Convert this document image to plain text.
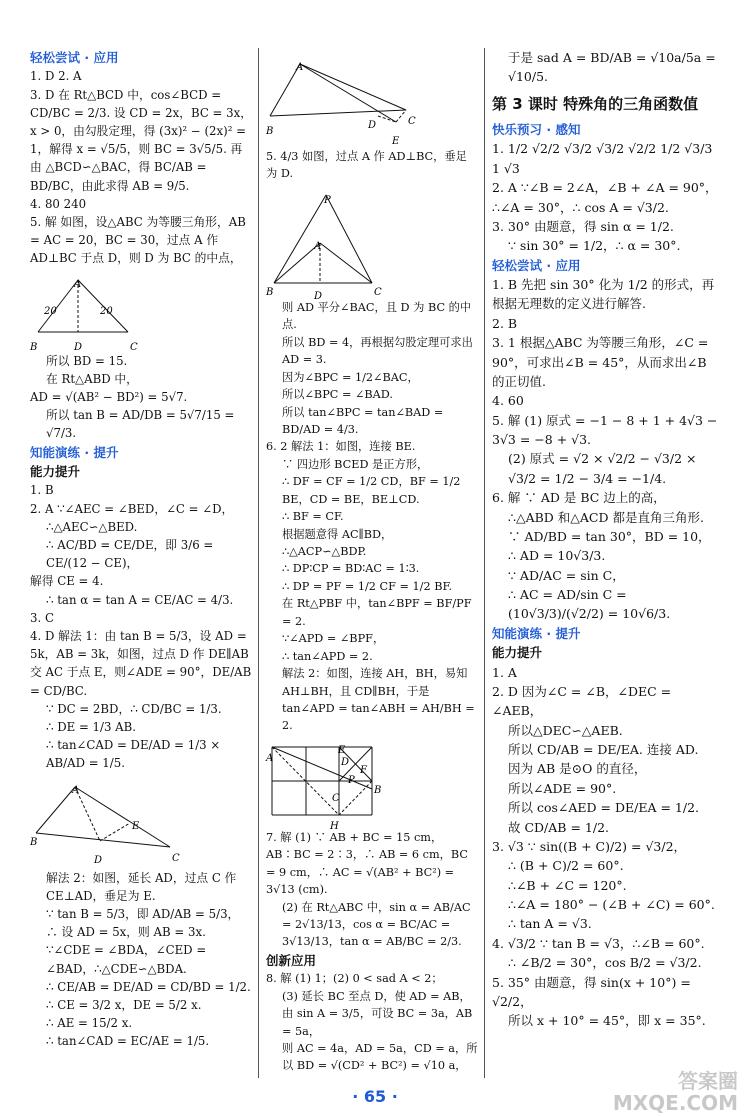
轻松尝试 · 应用

1. D 2. A

3. D 在 Rt△BCD 中，cos∠BCD = CD/BC = 2/3. 设 CD = 2x，BC = 3x，x > 0，由勾股定理，得 (3x)² − (2x)² = 1，解得 x = √5/5，则 BC = 3√5/5. 再由 △BCD∽△BAC，得 BC/AB = BD/BC，由此求得 AB = 9/5.

4. 80 240

5. 解 如图，设△ABC 为等腰三角形，AB = AC = 20，BC = 30，过点 A 作 AD⊥BC 于点 D，则 D 为 BC 的中点，

A
B	C
D
20	20

所以 BD = 15.

在 Rt△ABD 中，

AD = √(AB² − BD²) = 5√7.

所以 tan B = AD/DB = 5√7/15 = √7/3.

知能演练 · 提升

能力提升

1. B

2. A ∵∠AEC = ∠BED，∠C = ∠D，

∴△AEC∽△BED.

∴ AC/BD = CE/DE，即 3/6 = CE/(12 − CE)，

解得 CE = 4.

∴ tan α = tan A = CE/AC = 4/3.

3. C

4. D 解法 1：由 tan B = 5/3，设 AD = 5k，AB = 3k，如图，过点 D 作 DE∥AB 交 AC 于点 E，则∠ADE = 90°，DE/AB = CD/BC.

∵ DC = 2BD，∴ CD/BC = 1/3.

∴ DE = 1/3 AB.

∴ tan∠CAD = DE/AD = 1/3 × AB/AD = 1/5.

A
B
C
D
E

解法 2：如图，延长 AD，过点 C 作 CE⊥AD，垂足为 E.

∵ tan B = 5/3，即 AD/AB = 5/3，

∴ 设 AD = 5x，则 AB = 3x.

∵∠CDE = ∠BDA，∠CED = ∠BAD，∴△CDE∽△BDA.

∴ CE/AB = DE/AD = CD/BD = 1/2.

∴ CE = 3/2 x，DE = 5/2 x.

∴ AE = 15/2 x.

∴ tan∠CAD = EC/AE = 1/5.

A
B
C
D
E

5. 4/3 如图，过点 A 作 AD⊥BC，垂足为 D.

P
A
B	C
D

则 AD 平分∠BAC，且 D 为 BC 的中点.

所以 BD = 4，再根据勾股定理可求出 AD = 3.

因为∠BPC = 1/2∠BAC，

所以∠BPC = ∠BAD.

所以 tan∠BPC = tan∠BAD = BD/AD = 4/3.

6. 2 解法 1：如图，连接 BE.

∵ 四边形 BCED 是正方形，

∴ DF = CF = 1/2 CD，BF = 1/2 BE，CD = BE，BE⊥CD.

∴ BF = CF.

根据题意得 AC∥BD，

∴△ACP∽△BDP.

∴ DP∶CP = BD∶AC = 1∶3.

∴ DP = PF = 1/2 CF = 1/2 BF.

在 Rt△PBF 中，tan∠BPF = BF/PF = 2.

∵∠APD = ∠BPF，

∴ tan∠APD = 2.

解法 2：如图，连接 AH，BH，易知 AH⊥BH，且 CD∥BH，于是 tan∠APD = tan∠ABH = AH/BH = 2.

A
B
C
D
E
F
H
P

7. 解 (1) ∵ AB + BC = 15 cm，AB∶BC = 2∶3，∴ AB = 6 cm，BC = 9 cm，∴ AC = √(AB² + BC²) = 3√13 (cm).

(2) 在 Rt△ABC 中，sin α = AB/AC = 2√13/13，cos α = BC/AC = 3√13/13，tan α = AB/BC = 2/3.

创新应用

8. 解 (1) 1；(2) 0 < sad A < 2；

(3) 延长 BC 至点 D，使 AD = AB，由 sin A = 3/5，可设 BC = 3a，AB = 5a，

则 AC = 4a，AD = 5a，CD = a，所以 BD = √(CD² + BC²) = √10 a，

于是 sad A = BD/AB = √10a/5a = √10/5.

第 3 课时 特殊角的三角函数值

快乐预习 · 感知

1. 1/2 √2/2 √3/2 √3/2 √2/2 1/2 √3/3 1 √3

2. A ∵∠B = 2∠A，∠B + ∠A = 90°，∴∠A = 30°，∴ cos A = √3/2.

3. 30° 由题意，得 sin α = 1/2.

∵ sin 30° = 1/2，∴ α = 30°.

轻松尝试 · 应用

1. B 先把 sin 30° 化为 1/2 的形式，再根据无理数的定义进行解答.

2. B

3. 1 根据△ABC 为等腰三角形，∠C = 90°，可求出∠B = 45°，从而求出∠B 的正切值.

4. 60

5. 解 (1) 原式 = −1 − 8 + 1 + 4√3 − 3√3 = −8 + √3.

(2) 原式 = √2 × √2/2 − √3/2 × √3/2 = 1/2 − 3/4 = −1/4.

6. 解 ∵ AD 是 BC 边上的高，

∴△ABD 和△ACD 都是直角三角形. ∵ AD/BD = tan 30°，BD = 10，

∴ AD = 10√3/3.

∵ AD/AC = sin C，

∴ AC = AD/sin C = (10√3/3)/(√2/2) = 10√6/3.

知能演练 · 提升

能力提升

1. A

2. D 因为∠C = ∠B，∠DEC = ∠AEB，

所以△DEC∽△AEB.

所以 CD/AB = DE/EA. 连接 AD.

因为 AB 是⊙O 的直径，

所以∠ADE = 90°.

所以 cos∠AED = DE/EA = 1/2.

故 CD/AB = 1/2.

3. √3 ∵ sin((B + C)/2) = √3/2，

∴ (B + C)/2 = 60°.

∴∠B + ∠C = 120°.

∴∠A = 180° − (∠B + ∠C) = 60°. ∴ tan A = √3.

4. √3/2 ∵ tan B = √3，∴∠B = 60°.

∴ ∠B/2 = 30°，cos B/2 = √3/2.

5. 35° 由题意，得 sin(x + 10°) = √2/2，

所以 x + 10° = 45°，即 x = 35°.

· 65 ·
答案圈 MXQE.COM
